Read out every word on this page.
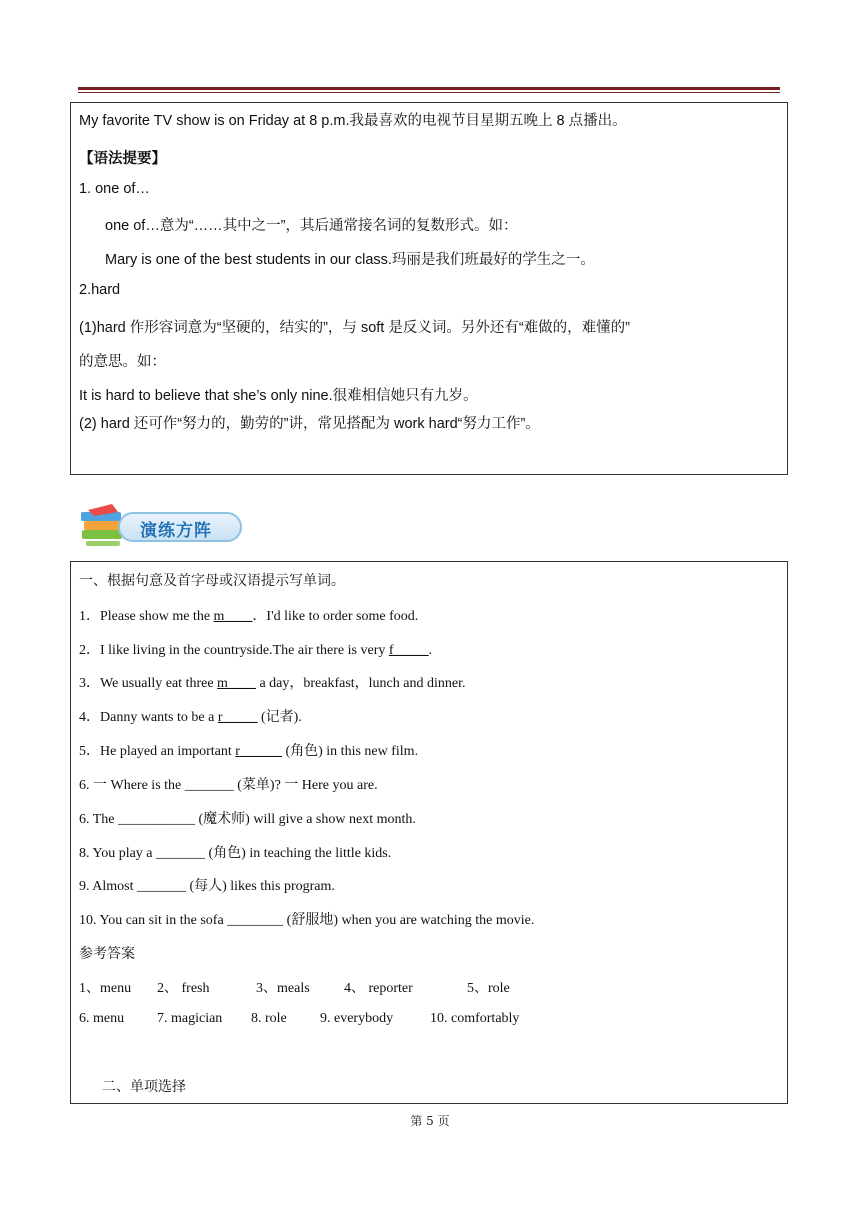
My favorite TV show is on Friday at 8 p.m.我最喜欢的电视节目星期五晚上 8 点播出。
【语法提要】
1. one of…
one of…意为“……其中之一”，其后通常接名词的复数形式。如：
Mary is one of the best students in our class.玛丽是我们班最好的学生之一。
2.hard
(1)hard 作形容词意为“坚硬的，结实的”，与 soft 是反义词。另外还有“难做的，难懂的”
的意思。如：
It is hard to believe that she’s only nine.很难相信她只有九岁。
(2) hard 还可作“努力的，勤劳的”讲，常见搭配为 work hard“努力工作”。
演练方阵
一、根据句意及首字母或汉语提示写单词。
1．Please show me the m____．I'd like to order some food.
2．I like living in the countryside.The air there is very f_____.
3．We usually eat three m____ a day，breakfast，lunch and dinner.
4．Danny wants to be a r_____ (记者).
5．He played an important r______ (角色) in this new film.
6. 一 Where is the _______ (菜单)? 一 Here you are.
6. The ___________ (魔术师) will give a show next month.
8. You play a _______ (角色) in teaching the little kids.
9. Almost _______ (每人) likes this program.
10. You can sit in the sofa ________ (舒服地) when you are watching the movie.
参考答案
1、menu 2、 fresh	3、meals 4、 reporter	5、role
6. menu 7. magician 8. role 9. everybody	10. comfortably
二、单项选择
第 5 页
